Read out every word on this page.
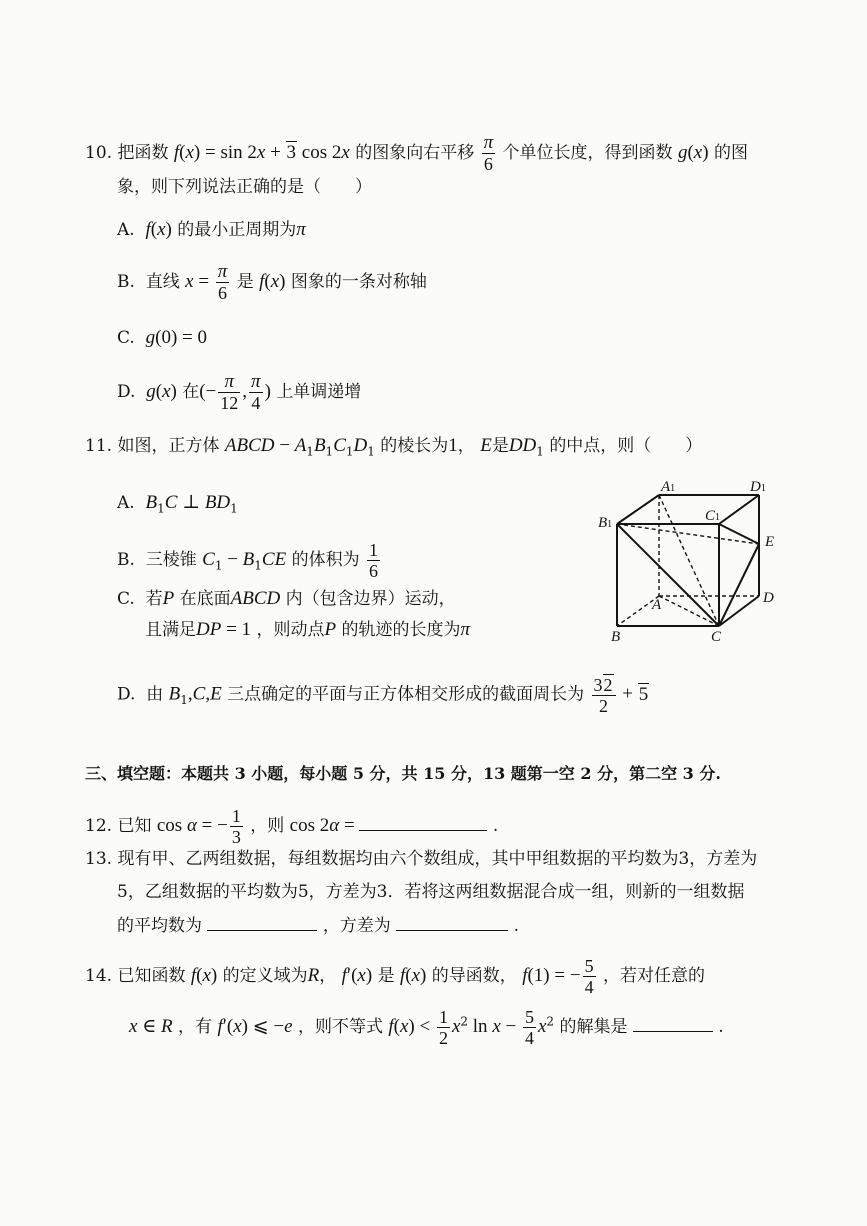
10. 把函数 f(x) = sin 2x + 3 cos 2x 的图象向右平移 $\frac{\pi}{6}$ 个单位长度，得到函数 g(x) 的图
象，则下列说法正确的是（　　）
A. f(x) 的最小正周期为π
B. 直线 $x = \frac{\pi}{6}$ 是 f(x) 图象的一条对称轴
C. g(0) = 0
D. g(x) 在(− $\frac{\pi}{12}$ , $\frac{\pi}{4}$ ) 上单调递增
11. 如图，正方体 ABCD − $A_1B_1C_1D_1$ 的棱长为1， E是$DD_1$ 的中点，则（　　）
A. $B_1C$ ⊥ $BD_1$
B. 三棱锥 $C_1 - B_1CE$ 的体积为 $\frac{1}{6}$
C. 若P 在底面ABCD 内（包含边界）运动，
且满足DP = 1 ，则动点P 的轨迹的长度为π
D. 由 $B_1,C,E$ 三点确定的平面与正方体相交形成的截面周长为 $\frac{32}{2} + 5$
A1	D1
B1
C1
E
A	D
B	C
三、填空题：本题共 3 小题，每小题 5 分，共 15 分，13 题第一空 2 分，第二空 3 分.
12. 已知 cos α = − $\frac{1}{3}$ ，则 cos 2α =	.
13. 现有甲、乙两组数据，每组数据均由六个数组成，其中甲组数据的平均数为3，方差为
5，乙组数据的平均数为5，方差为3．若将这两组数据混合成一组，则新的一组数据
的平均数为	，方差为	.
14. 已知函数 f(x) 的定义域为R， f′(x) 是 f(x) 的导函数， f(1) = − $\frac{5}{4}$ ，若对任意的
x ∈ R ，有 f′(x) ⩽ −e ，则不等式 $f(x) < \frac{1}{2} x^2$ $\ln x - \frac{5}{4} x^2$ 的解集是	.
